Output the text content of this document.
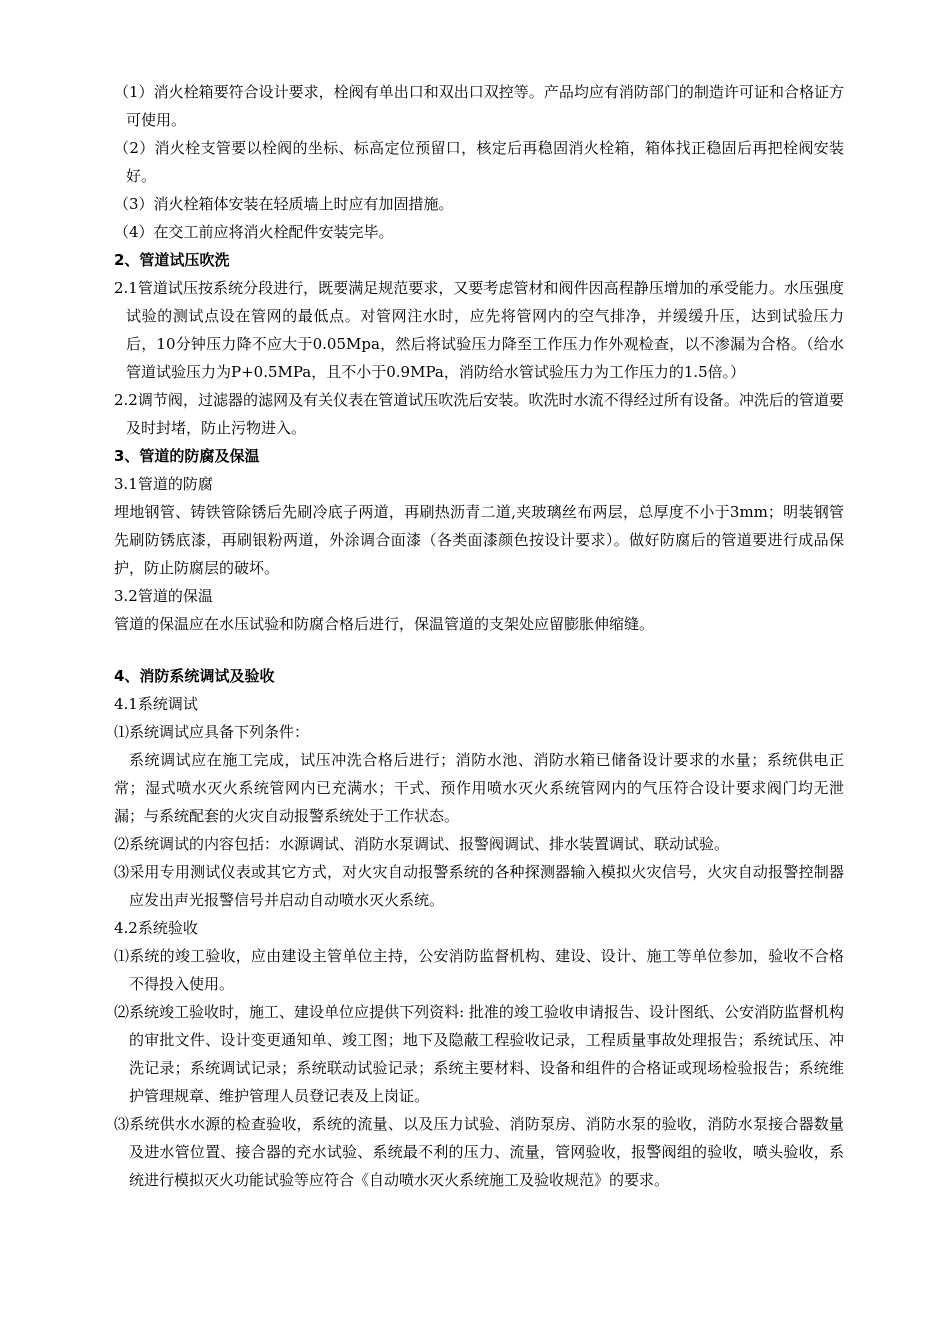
（1）消火栓箱要符合设计要求，栓阀有单出口和双出口双控等。产品均应有消防部门的制造许可证和合格证方可使用。

（2）消火栓支管要以栓阀的坐标、标高定位预留口，核定后再稳固消火栓箱，箱体找正稳固后再把栓阀安装好。

（3）消火栓箱体安装在轻质墙上时应有加固措施。

（4）在交工前应将消火栓配件安装完毕。

2、管道试压吹洗

2.1管道试压按系统分段进行，既要满足规范要求，又要考虑管材和阀件因高程静压增加的承受能力。水压强度试验的测试点设在管网的最低点。对管网注水时，应先将管网内的空气排净，并缓缓升压，达到试验压力后，10分钟压力降不应大于0.05Mpa，然后将试验压力降至工作压力作外观检查，以不渗漏为合格。（给水管道试验压力为P+0.5MPa，且不小于0.9MPa，消防给水管试验压力为工作压力的1.5倍。）

2.2调节阀，过滤器的滤网及有关仪表在管道试压吹洗后安装。吹洗时水流不得经过所有设备。冲洗后的管道要及时封堵，防止污物进入。

3、管道的防腐及保温

3.1管道的防腐

埋地钢管、铸铁管除锈后先刷冷底子两道，再刷热沥青二道,夹玻璃丝布两层，总厚度不小于3mm；明装钢管先刷防锈底漆，再刷银粉两道，外涂调合面漆（各类面漆颜色按设计要求）。做好防腐后的管道要进行成品保护，防止防腐层的破坏。

3.2管道的保温

管道的保温应在水压试验和防腐合格后进行，保温管道的支架处应留膨胀伸缩缝。

4、消防系统调试及验收

4.1系统调试

⑴系统调试应具备下列条件：

系统调试应在施工完成，试压冲洗合格后进行；消防水池、消防水箱已储备设计要求的水量；系统供电正常；湿式喷水灭火系统管网内已充满水；干式、预作用喷水灭火系统管网内的气压符合设计要求阀门均无泄漏；与系统配套的火灾自动报警系统处于工作状态。

⑵系统调试的内容包括：水源调试、消防水泵调试、报警阀调试、排水装置调试、联动试验。

⑶采用专用测试仪表或其它方式，对火灾自动报警系统的各种探测器输入模拟火灾信号，火灾自动报警控制器应发出声光报警信号并启动自动喷水灭火系统。

4.2系统验收

⑴系统的竣工验收，应由建设主管单位主持，公安消防监督机构、建设、设计、施工等单位参加，验收不合格不得投入使用。

⑵系统竣工验收时，施工、建设单位应提供下列资料: 批准的竣工验收申请报告、设计图纸、公安消防监督机构的审批文件、设计变更通知单、竣工图；地下及隐蔽工程验收记录，工程质量事故处理报告；系统试压、冲洗记录；系统调试记录；系统联动试验记录；系统主要材料、设备和组件的合格证或现场检验报告；系统维护管理规章、维护管理人员登记表及上岗证。

⑶系统供水水源的检查验收，系统的流量、以及压力试验、消防泵房、消防水泵的验收，消防水泵接合器数量及进水管位置、接合器的充水试验、系统最不利的压力、流量，管网验收，报警阀组的验收，喷头验收，系统进行模拟灭火功能试验等应符合《自动喷水灭火系统施工及验收规范》的要求。
